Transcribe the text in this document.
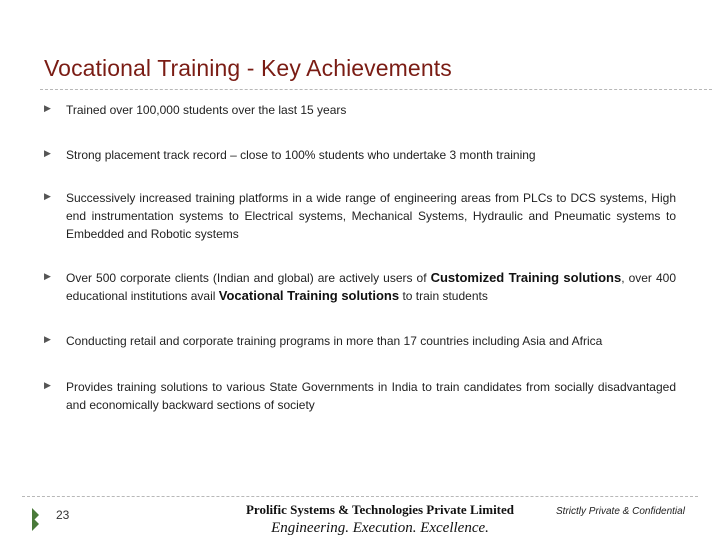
Vocational Training - Key Achievements
▶	Trained over 100,000 students over the last 15 years
▶	Strong placement track record – close to 100% students who undertake 3 month training
▶	Successively increased training platforms in a wide range of engineering areas from PLCs to DCS systems, High end instrumentation systems to Electrical systems, Mechanical Systems, Hydraulic and Pneumatic systems to Embedded and Robotic systems
▶	Over 500 corporate clients (Indian and global) are actively users of Customized Training solutions, over 400 educational institutions avail Vocational Training solutions to train students
▶	Conducting retail and corporate training programs in more than 17 countries including Asia and Africa
▶	Provides training solutions to various State Governments in India to train candidates from socially disadvantaged and economically backward sections of society
23	Prolific Systems & Technologies Private Limited
Engineering. Execution. Excellence.
Strictly Private & Confidential
